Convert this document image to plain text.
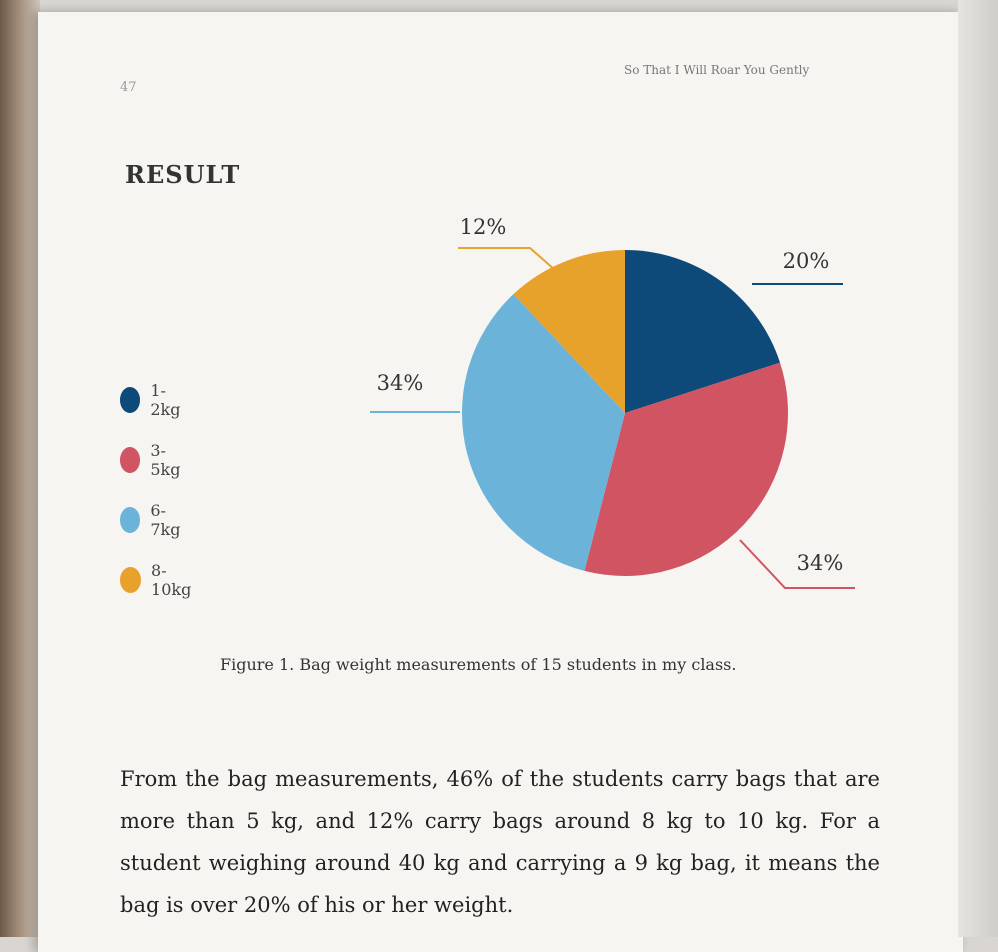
47
So That I Will Roar You Gently
RESULT
1-2kg
3-5kg
6-7kg
8-10kg
20%
34%
34%
12%
Figure 1. Bag weight measurements of 15 students in my class.
From the bag measurements, 46% of the students carry bags that are more than 5 kg, and 12% carry bags around 8 kg to 10 kg. For a student weighing around 40 kg and carrying a 9 kg bag, it means the bag is over 20% of his or her weight.
